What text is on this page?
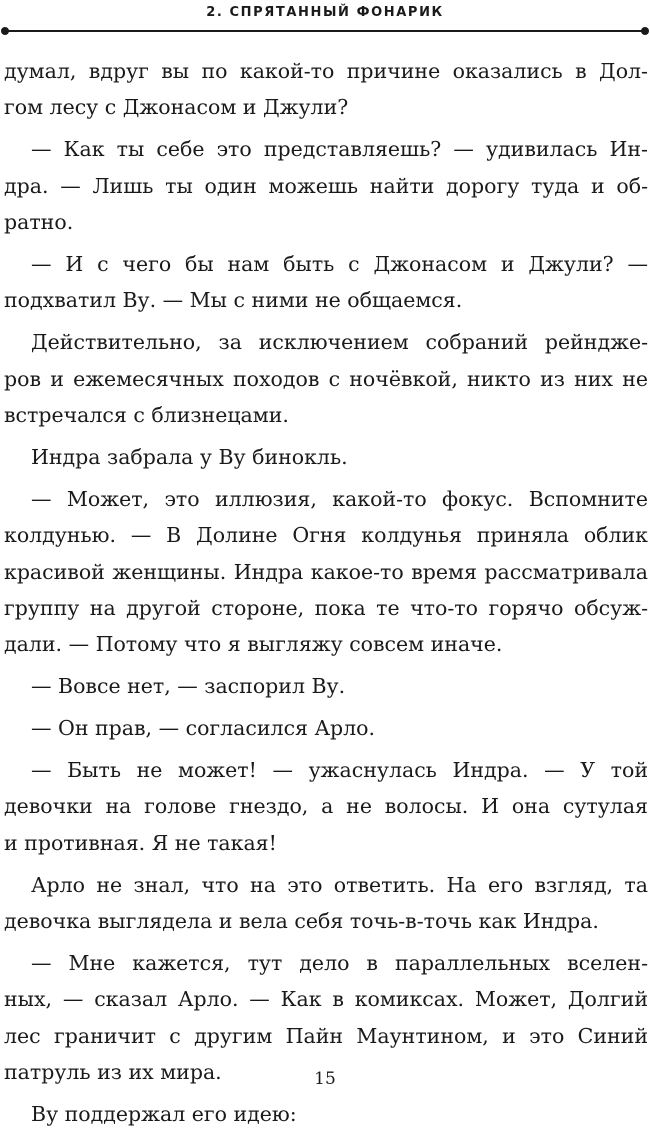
2. СПРЯТАННЫЙ ФОНАРИК
думал, вдруг вы по какой-то причине оказались в Дол-
гом лесу с Джонасом и Джули?
— Как ты себе это представляешь? — удивилась Ин-
дра. — Лишь ты один можешь найти дорогу туда и об-
ратно.
— И с чего бы нам быть с Джонасом и Джули? —
подхватил Ву. — Мы с ними не общаемся.
Действительно, за исключением собраний рейндже-
ров и ежемесячных походов с ночёвкой, никто из них не
встречался с близнецами.
Индра забрала у Ву бинокль.
— Может, это иллюзия, какой-то фокус. Вспомните
колдунью. — В Долине Огня колдунья приняла облик
красивой женщины. Индра какое-то время рассматривала
группу на другой стороне, пока те что-то горячо обсуж-
дали. — Потому что я выгляжу совсем иначе.
— Вовсе нет, — заспорил Ву.
— Он прав, — согласился Арло.
— Быть не может! — ужаснулась Индра. — У той
девочки на голове гнездо, а не волосы. И она сутулая
и противная. Я не такая!
Арло не знал, что на это ответить. На его взгляд, та
девочка выглядела и вела себя точь-в-точь как Индра.
— Мне кажется, тут дело в параллельных вселен-
ных, — сказал Арло. — Как в комиксах. Может, Долгий
лес граничит с другим Пайн Маунтином, и это Синий
патруль из их мира.
Ву поддержал его идею:
15
